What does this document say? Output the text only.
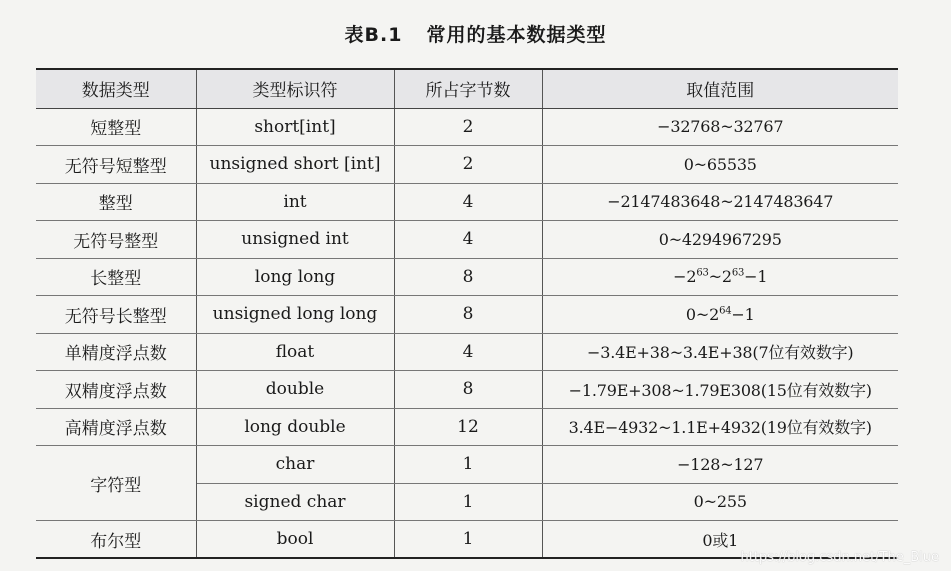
表B.1 常用的基本数据类型
数据类型	类型标识符	所占字节数	取值范围
短整型	short[int]	2	−32768~32767
无符号短整型	unsigned short [int]	2	0~65535
整型	int	4	−2147483648~2147483647
无符号整型	unsigned int	4	0~4294967295
长整型	long long	8	$-2^{63}\sim 2^{63}-1$
无符号长整型	unsigned long long	8	$0\sim 2^{64}-1$
单精度浮点数	float	4	−3.4E+38~3.4E+38(7位有效数字)
双精度浮点数	double	8	−1.79E+308~1.79E308(15位有效数字)
高精度浮点数	long double	12	3.4E−4932~1.1E+4932(19位有效数字)
字符型	char	1	−128~127
	signed char	1	0~255
布尔型	bool	1	0或1
https://blog.csdn.net/The_Blue
